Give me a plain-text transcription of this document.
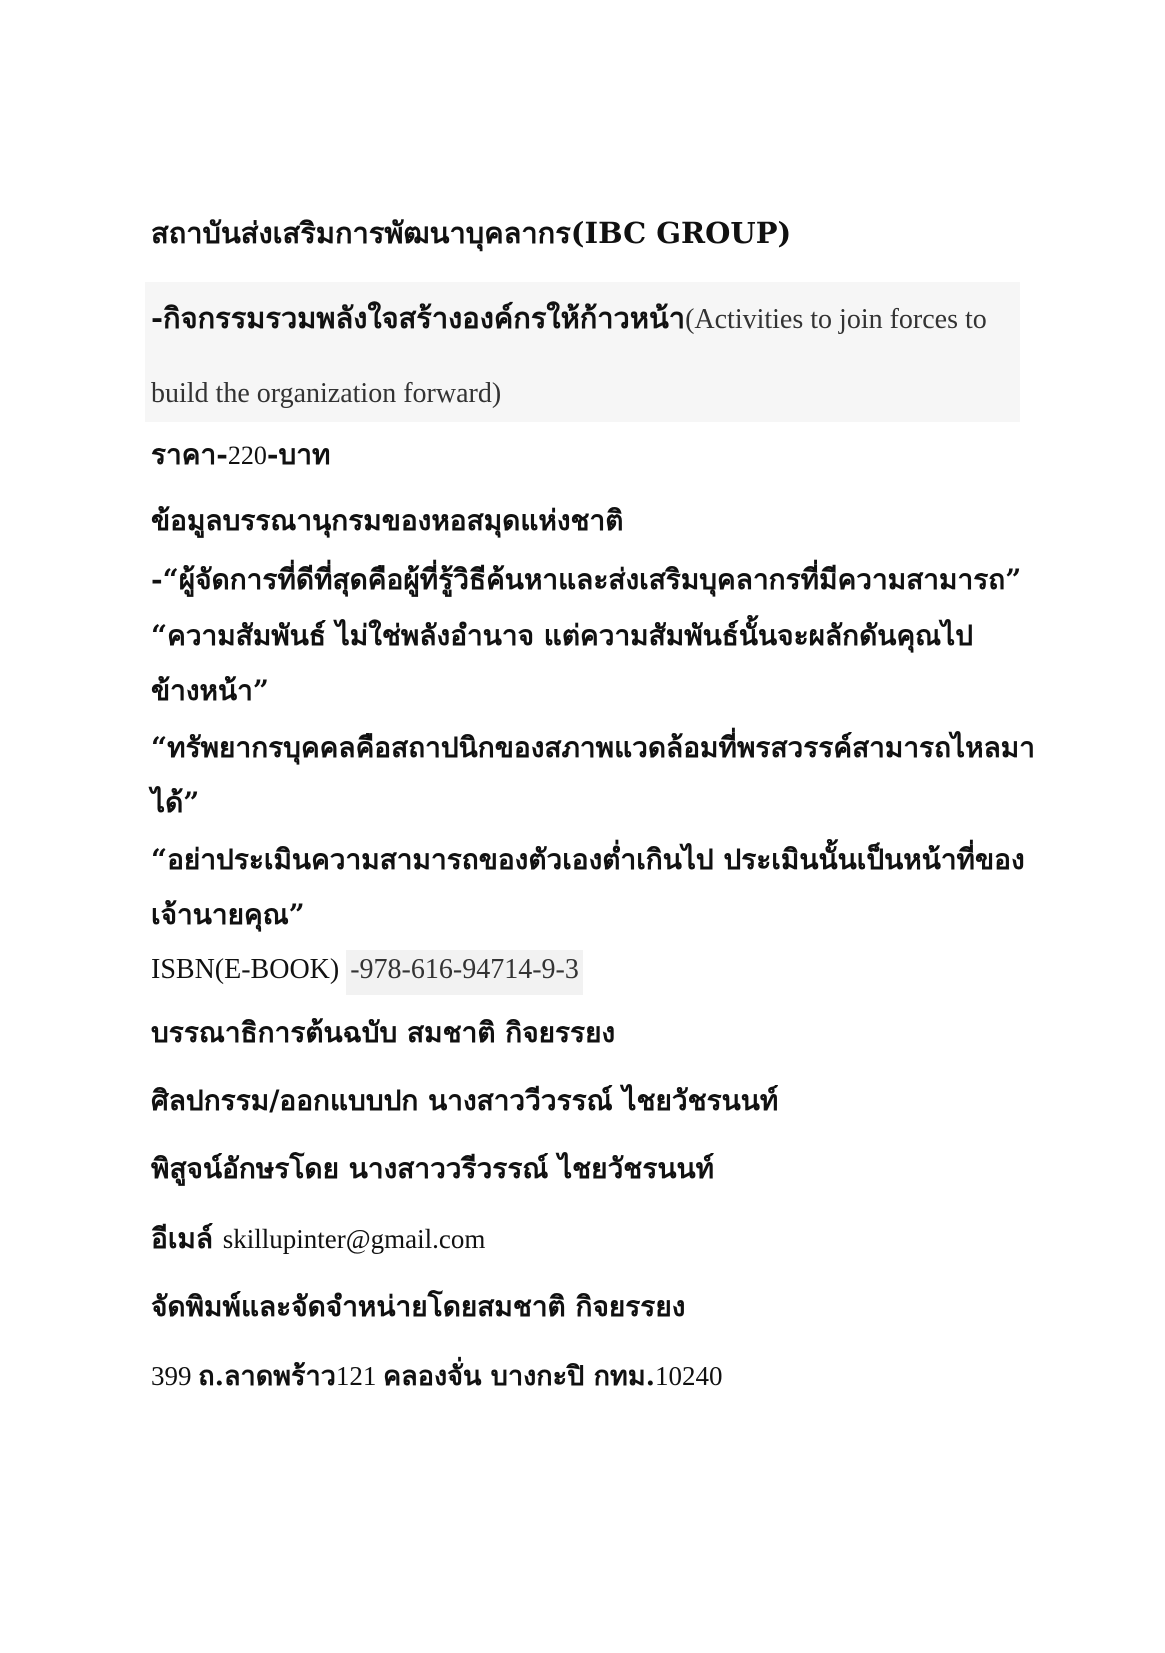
สถาบันส่งเสริมการพัฒนาบุคลากร(IBC GROUP)
-กิจกรรมรวมพลังใจสร้างองค์กรให้ก้าวหน้า(Activities to join forces to
build the organization forward)
ราคา-220-บาท
ข้อมูลบรรณานุกรมของหอสมุดแห่งชาติ
-“ผู้จัดการที่ดีที่สุดคือผู้ที่รู้วิธีค้นหาและส่งเสริมบุคลากรที่มีความสามารถ”
“ความสัมพันธ์ ไม่ใช่พลังอำนาจ แต่ความสัมพันธ์นั้นจะผลักดันคุณไป
ข้างหน้า”
“ทรัพยากรบุคคลคือสถาปนิกของสภาพแวดล้อมที่พรสวรรค์สามารถไหลมา
ได้”
“อย่าประเมินความสามารถของตัวเองต่ำเกินไป ประเมินนั้นเป็นหน้าที่ของ
เจ้านายคุณ”
ISBN(E-BOOK) -978-616-94714-9-3
บรรณาธิการต้นฉบับ สมชาติ กิจยรรยง
ศิลปกรรม/ออกแบบปก นางสาววีวรรณ์ ไชยวัชรนนท์
พิสูจน์อักษรโดย นางสาววรีวรรณ์ ไชยวัชรนนท์
อีเมล์ skillupinter@gmail.com
จัดพิมพ์และจัดจำหน่ายโดยสมชาติ กิจยรรยง
399 ถ.ลาดพร้าว121 คลองจั่น บางกะปิ กทม.10240
